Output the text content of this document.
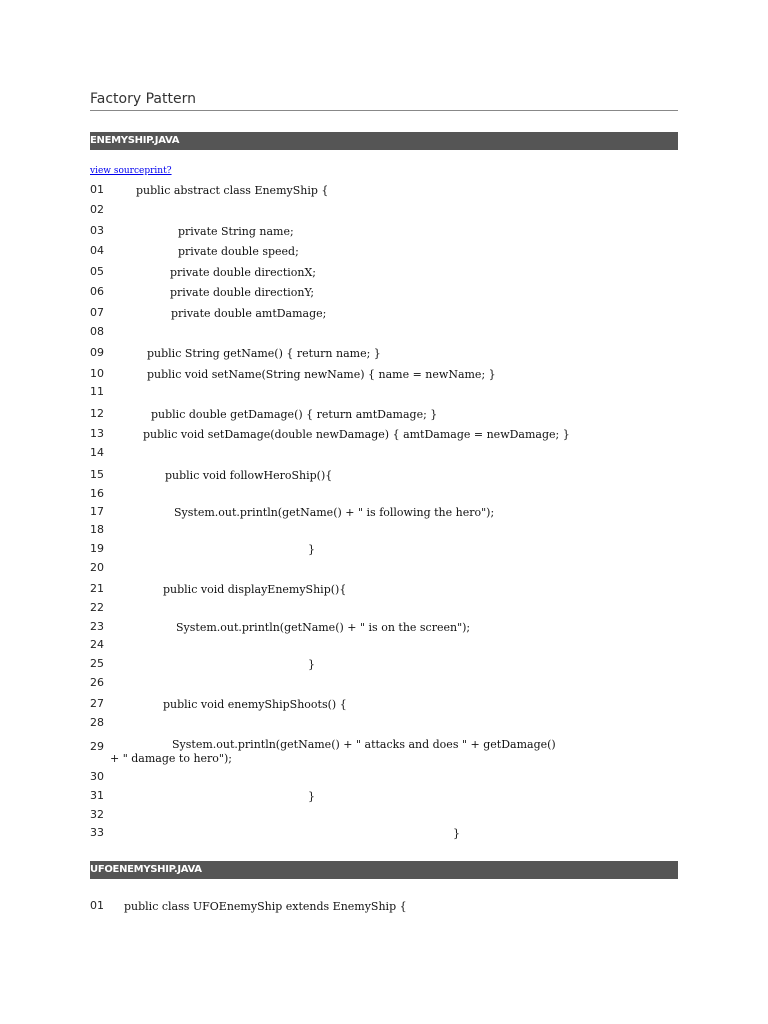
Factory Pattern
ENEMYSHIP.JAVA
view sourceprint?
01	public abstract class EnemyShip {
02
03	private String name;
04	private double speed;
05	private double directionX;
06	private double directionY;
07	private double amtDamage;
08
09	public String getName() { return name; }
10	public void setName(String newName) { name = newName; }
11
12	public double getDamage() { return amtDamage; }
13	public void setDamage(double newDamage) { amtDamage = newDamage; }
14
15	public void followHeroShip(){
16
17	System.out.println(getName() + " is following the hero");
18
19	}
20
21	public void displayEnemyShip(){
22
23	System.out.println(getName() + " is on the screen");
24
25	}
26
27	public void enemyShipShoots() {
28
29	System.out.println(getName() + " attacks and does " + getDamage()
+ " damage to hero");
30
31	}
32
33	}
UFOENEMYSHIP.JAVA
01 public class UFOEnemyShip extends EnemyShip {
